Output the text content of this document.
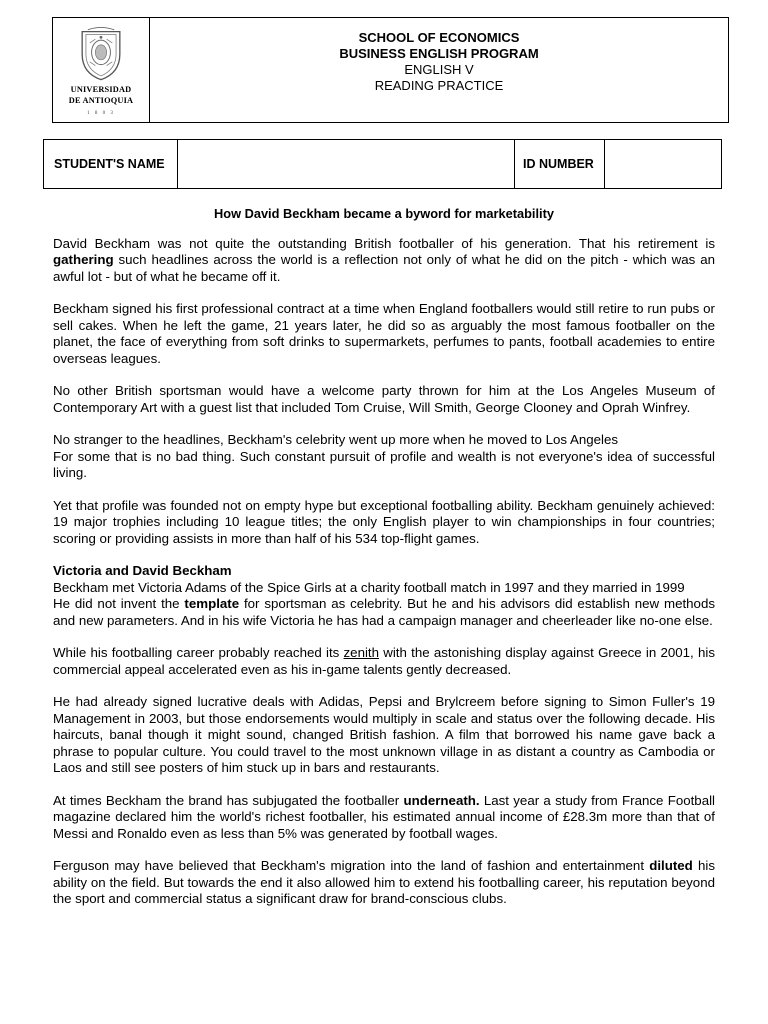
UNIVERSIDAD
DE ANTIOQUIA
1 8 0 3
SCHOOL OF ECONOMICS
BUSINESS ENGLISH PROGRAM
ENGLISH V
READING PRACTICE
STUDENT'S NAME	ID NUMBER
How David Beckham became a byword for marketability

David Beckham was not quite the outstanding British footballer of his generation. That his retirement is gathering such headlines across the world is a reflection not only of what he did on the pitch - which was an awful lot - but of what he became off it.

Beckham signed his first professional contract at a time when England footballers would still retire to run pubs or sell cakes. When he left the game, 21 years later, he did so as arguably the most famous footballer on the planet, the face of everything from soft drinks to supermarkets, perfumes to pants, football academies to entire overseas leagues.

No other British sportsman would have a welcome party thrown for him at the Los Angeles Museum of Contemporary Art with a guest list that included Tom Cruise, Will Smith, George Clooney and Oprah Winfrey.

No stranger to the headlines, Beckham's celebrity went up more when he moved to Los Angeles

For some that is no bad thing. Such constant pursuit of profile and wealth is not everyone's idea of successful living.

Yet that profile was founded not on empty hype but exceptional footballing ability. Beckham genuinely achieved: 19 major trophies including 10 league titles; the only English player to win championships in four countries; scoring or providing assists in more than half of his 534 top-flight games.

Victoria and David Beckham

Beckham met Victoria Adams of the Spice Girls at a charity football match in 1997 and they married in 1999

He did not invent the template for sportsman as celebrity. But he and his advisors did establish new methods and new parameters. And in his wife Victoria he has had a campaign manager and cheerleader like no-one else.

While his footballing career probably reached its zenith with the astonishing display against Greece in 2001, his commercial appeal accelerated even as his in-game talents gently decreased.

He had already signed lucrative deals with Adidas, Pepsi and Brylcreem before signing to Simon Fuller's 19 Management in 2003, but those endorsements would multiply in scale and status over the following decade. His haircuts, banal though it might sound, changed British fashion. A film that borrowed his name gave back a phrase to popular culture. You could travel to the most unknown village in as distant a country as Cambodia or Laos and still see posters of him stuck up in bars and restaurants.

At times Beckham the brand has subjugated the footballer underneath. Last year a study from France Football magazine declared him the world's richest footballer, his estimated annual income of £28.3m more than that of Messi and Ronaldo even as less than 5% was generated by football wages.

Ferguson may have believed that Beckham's migration into the land of fashion and entertainment diluted his ability on the field. But towards the end it also allowed him to extend his footballing career, his reputation beyond the sport and commercial status a significant draw for brand-conscious clubs.
